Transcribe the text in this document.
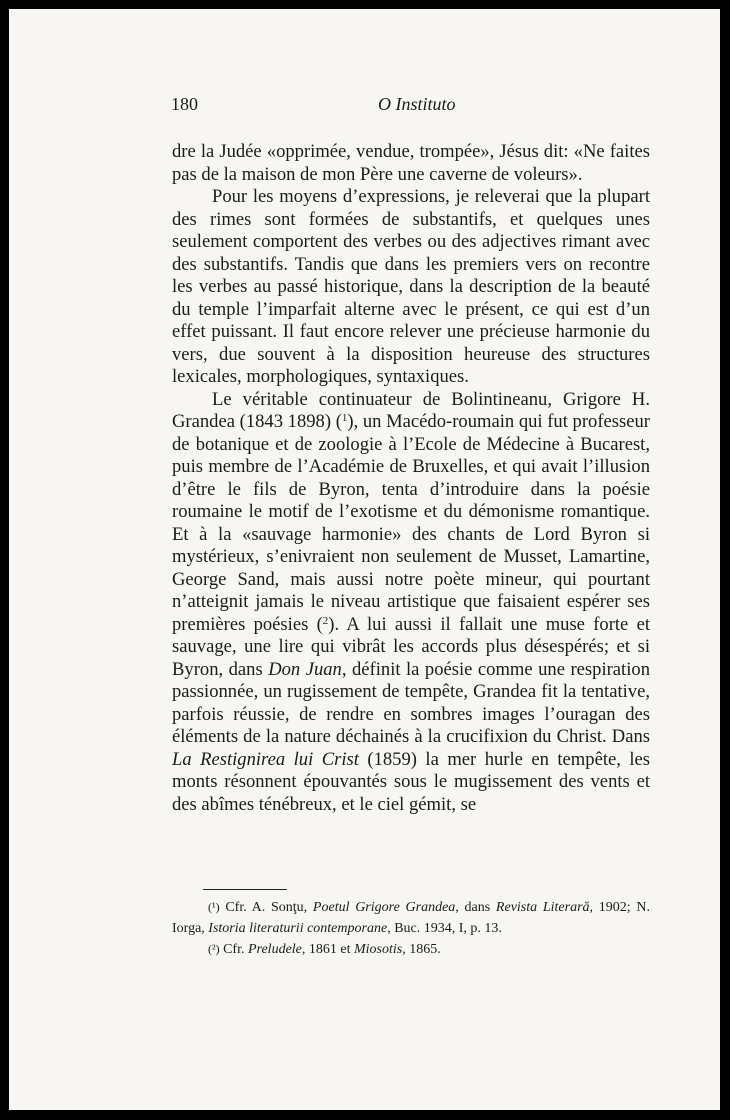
180	O Instituto

dre la Judée «opprimée, vendue, trompée», Jésus dit: «Ne faites pas de la maison de mon Père une caverne de voleurs».

Pour les moyens d’expressions, je releverai que la plupart des rimes sont formées de substantifs, et quelques unes seulement comportent des verbes ou des adjectives rimant avec des substantifs. Tandis que dans les premiers vers on recontre les verbes au passé historique, dans la description de la beauté du temple l’imparfait alterne avec le présent, ce qui est d’un effet puissant. Il faut encore relever une précieuse harmonie du vers, due souvent à la disposition heureuse des structures lexicales, morphologiques, syntaxiques.

Le véritable continuateur de Bolintineanu, Grigore H. Grandea (1843 1898) ($^1$), un Macédo-roumain qui fut professeur de botanique et de zoologie à l’Ecole de Médecine à Bucarest, puis membre de l’Académie de Bruxelles, et qui avait l’illusion d’être le fils de Byron, tenta d’introduire dans la poésie roumaine le motif de l’exotisme et du démonisme romantique. Et à la «sauvage harmonie» des chants de Lord Byron si mystérieux, s’enivraient non seulement de Musset, Lamartine, George Sand, mais aussi notre poète mineur, qui pourtant n’atteignit jamais le niveau artistique que faisaient espérer ses premières poésies ($^2$). A lui aussi il fallait une muse forte et sauvage, une lire qui vibrât les accords plus désespérés; et si Byron, dans Don Juan, définit la poésie comme une respiration passionnée, un rugissement de tempête, Grandea fit la tentative, parfois réussie, de rendre en sombres images l’ouragan des éléments de la nature déchainés à la crucifixion du Christ. Dans La Restignirea lui Crist (1859) la mer hurle en tempête, les monts résonnent épouvantés sous le mugissement des vents et des abîmes ténébreux, et le ciel gémit, se

(¹) Cfr. A. Sonţu, Poetul Grigore Grandea, dans Revista Literară, 1902; N. Iorga, Istoria literaturii contemporane, Buc. 1934, I, p. 13.

(²) Cfr. Preludele, 1861 et Miosotis, 1865.
